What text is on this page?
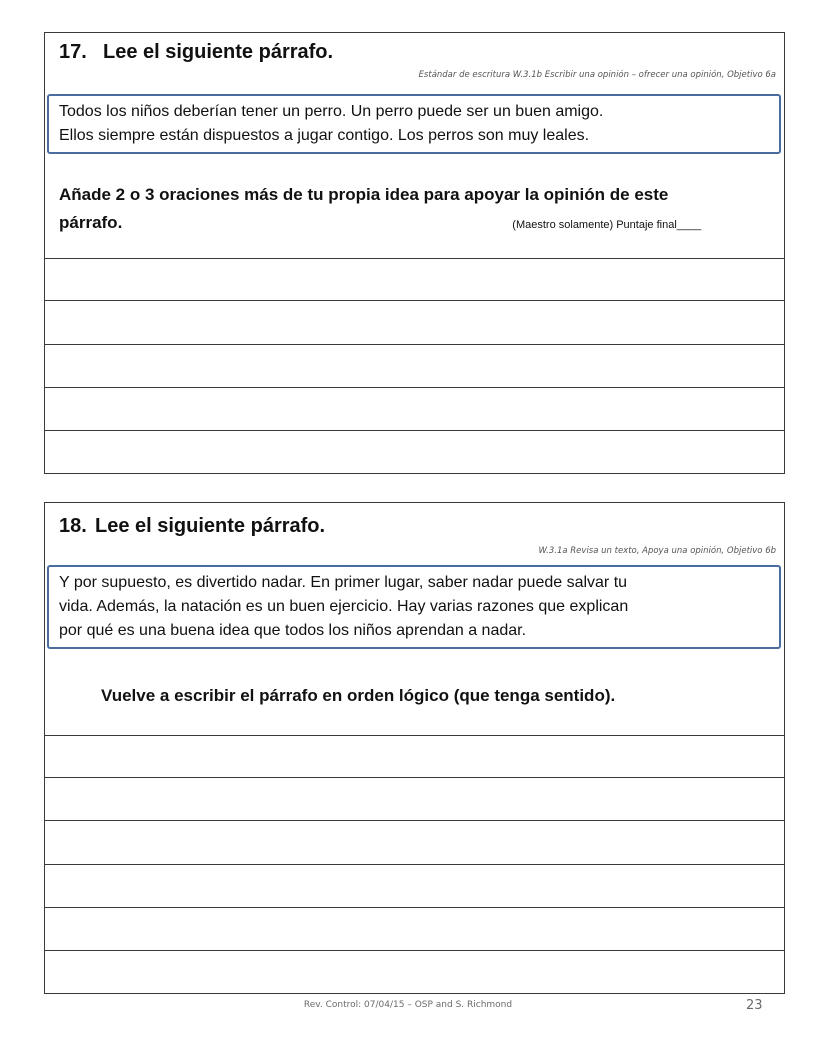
17. Lee el siguiente párrafo.
Estándar de escritura W.3.1b Escribir una opinión – ofrecer una opinión, Objetivo 6a
Todos los niños deberían tener un perro. Un perro puede ser un buen amigo.
Ellos siempre están dispuestos a jugar contigo. Los perros son muy leales.
Añade 2 o 3 oraciones más de tu propia idea para apoyar la opinión de este
párrafo.	(Maestro solamente) Puntaje final____
18. Lee el siguiente párrafo.
W.3.1a Revisa un texto, Apoya una opinión, Objetivo 6b
Y por supuesto, es divertido nadar. En primer lugar, saber nadar puede salvar tu
vida. Además, la natación es un buen ejercicio. Hay varias razones que explican
por qué es una buena idea que todos los niños aprendan a nadar.
Vuelve a escribir el párrafo en orden lógico (que tenga sentido).
Rev. Control: 07/04/15 – OSP and S. Richmond	23
